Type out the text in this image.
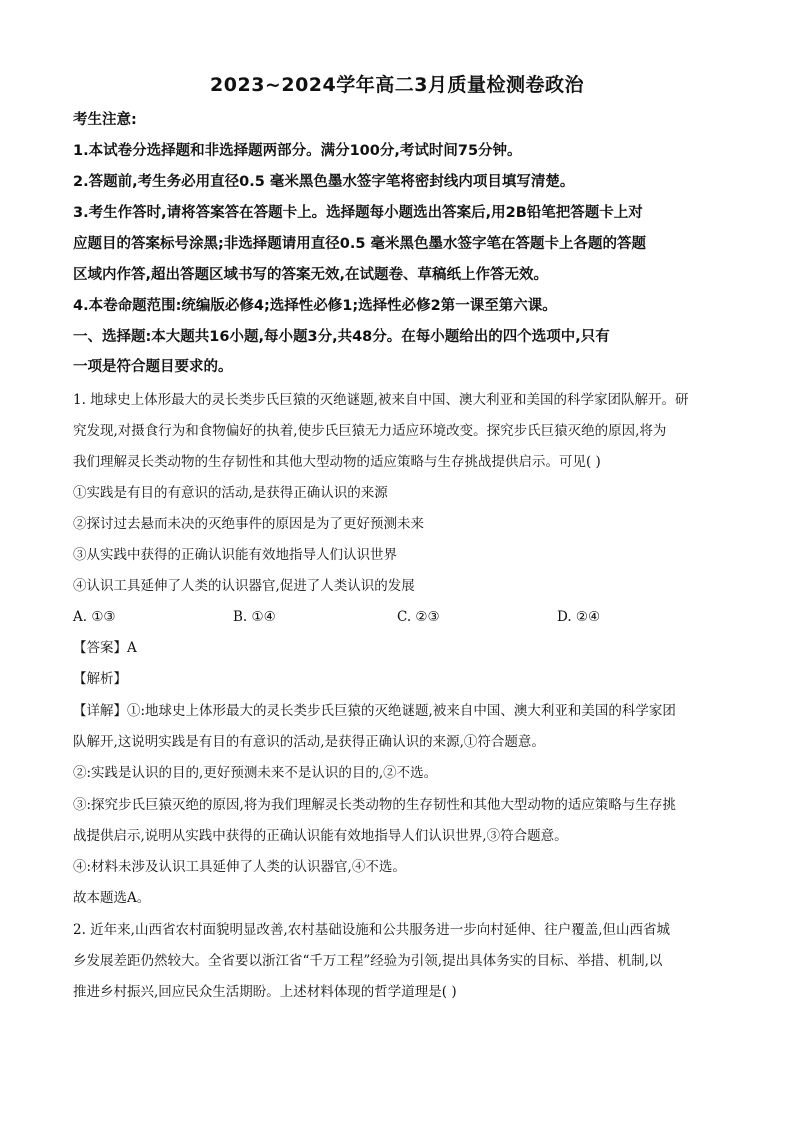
2023~2024学年高二3月质量检测卷政治
考生注意:
1.本试卷分选择题和非选择题两部分。满分100分,考试时间75分钟。
2.答题前,考生务必用直径0.5 毫米黑色墨水签字笔将密封线内项目填写清楚。
3.考生作答时,请将答案答在答题卡上。选择题每小题选出答案后,用2B铅笔把答题卡上对
应题目的答案标号涂黑;非选择题请用直径0.5 毫米黑色墨水签字笔在答题卡上各题的答题
区域内作答,超出答题区域书写的答案无效,在试题卷、草稿纸上作答无效。
4.本卷命题范围:统编版必修4;选择性必修1;选择性必修2第一课至第六课。
一、选择题:本大题共16小题,每小题3分,共48分。在每小题给出的四个选项中,只有
一项是符合题目要求的。
1. 地球史上体形最大的灵长类步氏巨猿的灭绝谜题,被来自中国、澳大利亚和美国的科学家团队解开。研
究发现,对摄食行为和食物偏好的执着,使步氏巨猿无力适应环境改变。探究步氏巨猿灭绝的原因,将为
我们理解灵长类动物的生存韧性和其他大型动物的适应策略与生存挑战提供启示。可见( )
①实践是有目的有意识的活动,是获得正确认识的来源
②探讨过去悬而未决的灭绝事件的原因是为了更好预测未来
③从实践中获得的正确认识能有效地指导人们认识世界
④认识工具延伸了人类的认识器官,促进了人类认识的发展
A. ①③	B. ①④	C. ②③	D. ②④
【答案】A
【解析】
【详解】①:地球史上体形最大的灵长类步氏巨猿的灭绝谜题,被来自中国、澳大利亚和美国的科学家团
队解开,这说明实践是有目的有意识的活动,是获得正确认识的来源,①符合题意。
②:实践是认识的目的,更好预测未来不是认识的目的,②不选。
③:探究步氏巨猿灭绝的原因,将为我们理解灵长类动物的生存韧性和其他大型动物的适应策略与生存挑
战提供启示,说明从实践中获得的正确认识能有效地指导人们认识世界,③符合题意。
④:材料未涉及认识工具延伸了人类的认识器官,④不选。
故本题选A。
2. 近年来,山西省农村面貌明显改善,农村基础设施和公共服务进一步向村延伸、往户覆盖,但山西省城
乡发展差距仍然较大。全省要以浙江省“千万工程”经验为引领,提出具体务实的目标、举措、机制,以
推进乡村振兴,回应民众生活期盼。上述材料体现的哲学道理是( )
